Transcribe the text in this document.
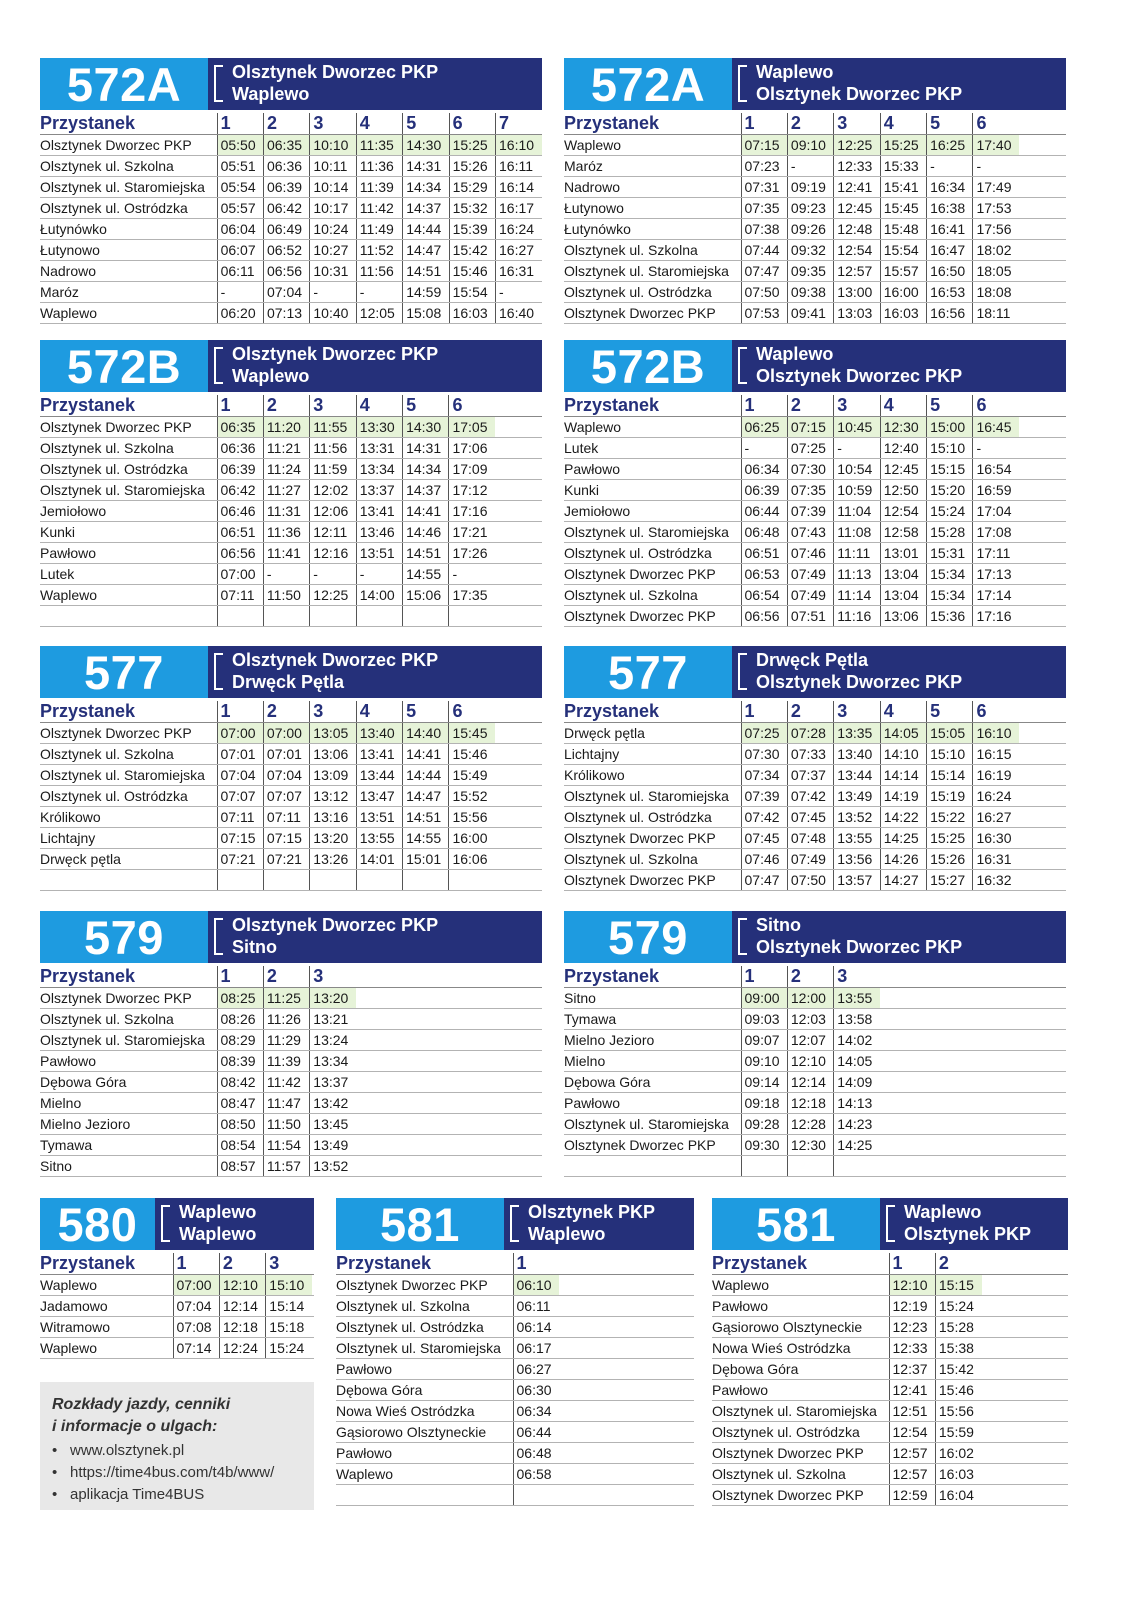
572A	Olsztynek Dworzec PKP
Waplewo
Przystanek	1	2	3	4	5	6	7
Olsztynek Dworzec PKP	05:50	06:35	10:10	11:35	14:30	15:25	16:10
Olsztynek ul. Szkolna	05:51	06:36	10:11	11:36	14:31	15:26	16:11
Olsztynek ul. Staromiejska	05:54	06:39	10:14	11:39	14:34	15:29	16:14
Olsztynek ul. Ostródzka	05:57	06:42	10:17	11:42	14:37	15:32	16:17
Łutynówko	06:04	06:49	10:24	11:49	14:44	15:39	16:24
Łutynowo	06:07	06:52	10:27	11:52	14:47	15:42	16:27
Nadrowo	06:11	06:56	10:31	11:56	14:51	15:46	16:31
Maróz	-	07:04	-	-	14:59	15:54	-
Waplewo	06:20	07:13	10:40	12:05	15:08	16:03	16:40
572A	Waplewo
Olsztynek Dworzec PKP
Przystanek	1	2	3	4	5	6	
Waplewo	07:15	09:10	12:25	15:25	16:25	17:40	
Maróz	07:23	-	12:33	15:33	-	-	
Nadrowo	07:31	09:19	12:41	15:41	16:34	17:49	
Łutynowo	07:35	09:23	12:45	15:45	16:38	17:53	
Łutynówko	07:38	09:26	12:48	15:48	16:41	17:56	
Olsztynek ul. Szkolna	07:44	09:32	12:54	15:54	16:47	18:02	
Olsztynek ul. Staromiejska	07:47	09:35	12:57	15:57	16:50	18:05	
Olsztynek ul. Ostródzka	07:50	09:38	13:00	16:00	16:53	18:08	
Olsztynek Dworzec PKP	07:53	09:41	13:03	16:03	16:56	18:11	
572B	Olsztynek Dworzec PKP
Waplewo
Przystanek	1	2	3	4	5	6	
Olsztynek Dworzec PKP	06:35	11:20	11:55	13:30	14:30	17:05	
Olsztynek ul. Szkolna	06:36	11:21	11:56	13:31	14:31	17:06	
Olsztynek ul. Ostródzka	06:39	11:24	11:59	13:34	14:34	17:09	
Olsztynek ul. Staromiejska	06:42	11:27	12:02	13:37	14:37	17:12	
Jemiołowo	06:46	11:31	12:06	13:41	14:41	17:16	
Kunki	06:51	11:36	12:11	13:46	14:46	17:21	
Pawłowo	06:56	11:41	12:16	13:51	14:51	17:26	
Lutek	07:00	-	-	-	14:55	-	
Waplewo	07:11	11:50	12:25	14:00	15:06	17:35	

572B	Waplewo
Olsztynek Dworzec PKP
Przystanek	1	2	3	4	5	6	
Waplewo	06:25	07:15	10:45	12:30	15:00	16:45	
Lutek	-	07:25	-	12:40	15:10	-	
Pawłowo	06:34	07:30	10:54	12:45	15:15	16:54	
Kunki	06:39	07:35	10:59	12:50	15:20	16:59	
Jemiołowo	06:44	07:39	11:04	12:54	15:24	17:04	
Olsztynek ul. Staromiejska	06:48	07:43	11:08	12:58	15:28	17:08	
Olsztynek ul. Ostródzka	06:51	07:46	11:11	13:01	15:31	17:11	
Olsztynek Dworzec PKP	06:53	07:49	11:13	13:04	15:34	17:13	
Olsztynek ul. Szkolna	06:54	07:49	11:14	13:04	15:34	17:14	
Olsztynek Dworzec PKP	06:56	07:51	11:16	13:06	15:36	17:16	
577	Olsztynek Dworzec PKP
Drwęck Pętla
Przystanek	1	2	3	4	5	6	
Olsztynek Dworzec PKP	07:00	07:00	13:05	13:40	14:40	15:45	
Olsztynek ul. Szkolna	07:01	07:01	13:06	13:41	14:41	15:46	
Olsztynek ul. Staromiejska	07:04	07:04	13:09	13:44	14:44	15:49	
Olsztynek ul. Ostródzka	07:07	07:07	13:12	13:47	14:47	15:52	
Królikowo	07:11	07:11	13:16	13:51	14:51	15:56	
Lichtajny	07:15	07:15	13:20	13:55	14:55	16:00	
Drwęck pętla	07:21	07:21	13:26	14:01	15:01	16:06	

577	Drwęck Pętla
Olsztynek Dworzec PKP
Przystanek	1	2	3	4	5	6	
Drwęck pętla	07:25	07:28	13:35	14:05	15:05	16:10	
Lichtajny	07:30	07:33	13:40	14:10	15:10	16:15	
Królikowo	07:34	07:37	13:44	14:14	15:14	16:19	
Olsztynek ul. Staromiejska	07:39	07:42	13:49	14:19	15:19	16:24	
Olsztynek ul. Ostródzka	07:42	07:45	13:52	14:22	15:22	16:27	
Olsztynek Dworzec PKP	07:45	07:48	13:55	14:25	15:25	16:30	
Olsztynek ul. Szkolna	07:46	07:49	13:56	14:26	15:26	16:31	
Olsztynek Dworzec PKP	07:47	07:50	13:57	14:27	15:27	16:32	
579	Olsztynek Dworzec PKP
Sitno
Przystanek	1	2	3	
Olsztynek Dworzec PKP	08:25	11:25	13:20	
Olsztynek ul. Szkolna	08:26	11:26	13:21	
Olsztynek ul. Staromiejska	08:29	11:29	13:24	
Pawłowo	08:39	11:39	13:34	
Dębowa Góra	08:42	11:42	13:37	
Mielno	08:47	11:47	13:42	
Mielno Jezioro	08:50	11:50	13:45	
Tymawa	08:54	11:54	13:49	
Sitno	08:57	11:57	13:52	
579	Sitno
Olsztynek Dworzec PKP
Przystanek	1	2	3	
Sitno	09:00	12:00	13:55	
Tymawa	09:03	12:03	13:58	
Mielno Jezioro	09:07	12:07	14:02	
Mielno	09:10	12:10	14:05	
Dębowa Góra	09:14	12:14	14:09	
Pawłowo	09:18	12:18	14:13	
Olsztynek ul. Staromiejska	09:28	12:28	14:23	
Olsztynek Dworzec PKP	09:30	12:30	14:25	

580	Waplewo
Waplewo
Przystanek	1	2	3	
Waplewo	07:00	12:10	15:10	
Jadamowo	07:04	12:14	15:14	
Witramowo	07:08	12:18	15:18	
Waplewo	07:14	12:24	15:24	
581	Olsztynek PKP
Waplewo
Przystanek	1	
Olsztynek Dworzec PKP	06:10	
Olsztynek ul. Szkolna	06:11	
Olsztynek ul. Ostródzka	06:14	
Olsztynek ul. Staromiejska	06:17	
Pawłowo	06:27	
Dębowa Góra	06:30	
Nowa Wieś Ostródzka	06:34	
Gąsiorowo Olsztyneckie	06:44	
Pawłowo	06:48	
Waplewo	06:58	

581	Waplewo
Olsztynek PKP
Przystanek	1	2	
Waplewo	12:10	15:15	
Pawłowo	12:19	15:24	
Gąsiorowo Olsztyneckie	12:23	15:28	
Nowa Wieś Ostródzka	12:33	15:38	
Dębowa Góra	12:37	15:42	
Pawłowo	12:41	15:46	
Olsztynek ul. Staromiejska	12:51	15:56	
Olsztynek ul. Ostródzka	12:54	15:59	
Olsztynek Dworzec PKP	12:57	16:02	
Olsztynek ul. Szkolna	12:57	16:03	
Olsztynek Dworzec PKP	12:59	16:04	
Rozkłady jazdy, cenniki
i informacje o ulgach:
• www.olsztynek.pl
• https://time4bus.com/t4b/www/
• aplikacja Time4BUS
